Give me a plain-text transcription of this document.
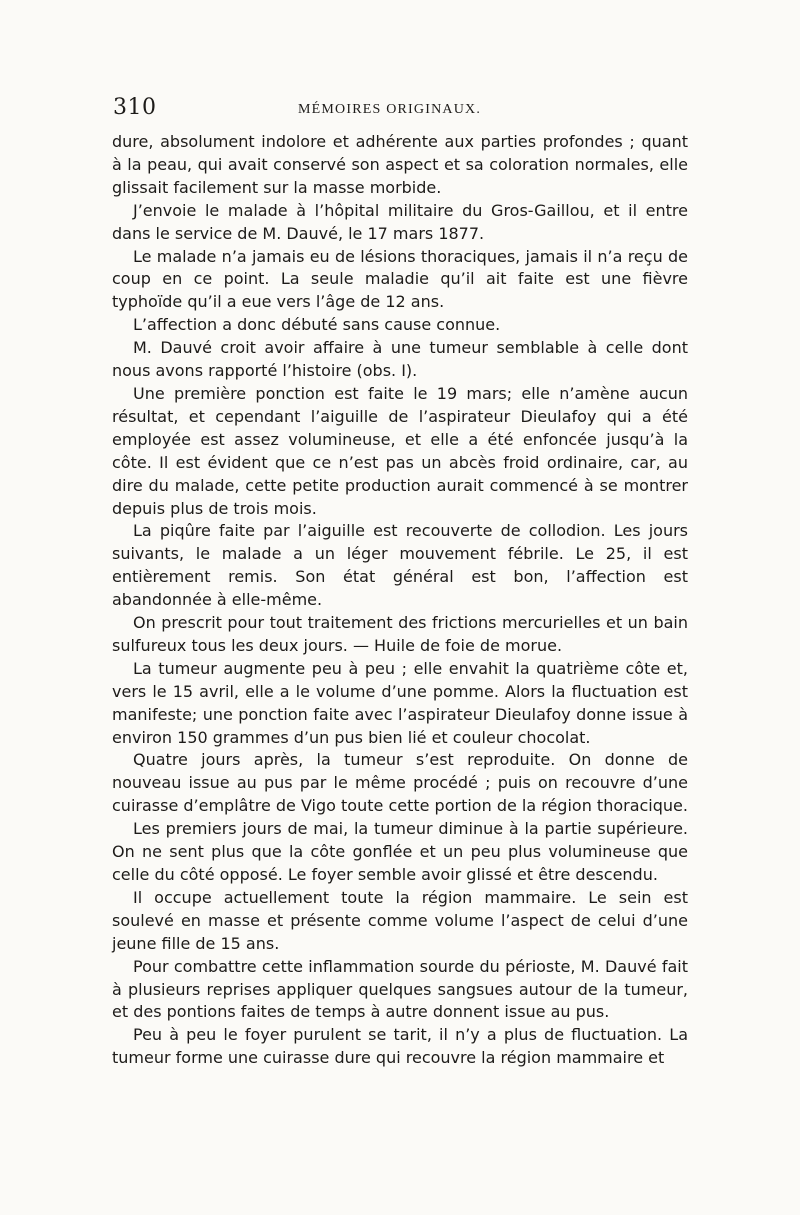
310	MÉMOIRES ORIGINAUX.

dure, absolument indolore et adhérente aux parties profondes ; quant à la peau, qui avait conservé son aspect et sa coloration normales, elle glissait facilement sur la masse morbide.

J’envoie le malade à l’hôpital militaire du Gros-Gaillou, et il entre dans le service de M. Dauvé, le 17 mars 1877.

Le malade n’a jamais eu de lésions thoraciques, jamais il n’a reçu de coup en ce point. La seule maladie qu’il ait faite est une fièvre typhoïde qu’il a eue vers l’âge de 12 ans.

L’affection a donc débuté sans cause connue.

M. Dauvé croit avoir affaire à une tumeur semblable à celle dont nous avons rapporté l’histoire (obs. I).

Une première ponction est faite le 19 mars; elle n’amène aucun résultat, et cependant l’aiguille de l’aspirateur Dieulafoy qui a été employée est assez volumineuse, et elle a été enfoncée jusqu’à la côte. Il est évident que ce n’est pas un abcès froid ordinaire, car, au dire du malade, cette petite production aurait commencé à se montrer depuis plus de trois mois.

La piqûre faite par l’aiguille est recouverte de collodion. Les jours suivants, le malade a un léger mouvement fébrile. Le 25, il est entièrement remis. Son état général est bon, l’affection est abandonnée à elle-même.

On prescrit pour tout traitement des frictions mercurielles et un bain sulfureux tous les deux jours. — Huile de foie de morue.

La tumeur augmente peu à peu ; elle envahit la quatrième côte et, vers le 15 avril, elle a le volume d’une pomme. Alors la fluctuation est manifeste; une ponction faite avec l’aspirateur Dieulafoy donne issue à environ 150 grammes d’un pus bien lié et couleur chocolat.

Quatre jours après, la tumeur s’est reproduite. On donne de nouveau issue au pus par le même procédé ; puis on recouvre d’une cuirasse d’emplâtre de Vigo toute cette portion de la région thoracique.

Les premiers jours de mai, la tumeur diminue à la partie supérieure. On ne sent plus que la côte gonflée et un peu plus volumineuse que celle du côté opposé. Le foyer semble avoir glissé et être descendu.

Il occupe actuellement toute la région mammaire. Le sein est soulevé en masse et présente comme volume l’aspect de celui d’une jeune fille de 15 ans.

Pour combattre cette inflammation sourde du périoste, M. Dauvé fait à plusieurs reprises appliquer quelques sangsues autour de la tumeur, et des pontions faites de temps à autre donnent issue au pus.

Peu à peu le foyer purulent se tarit, il n’y a plus de fluctuation. La tumeur forme une cuirasse dure qui recouvre la région mammaire et
